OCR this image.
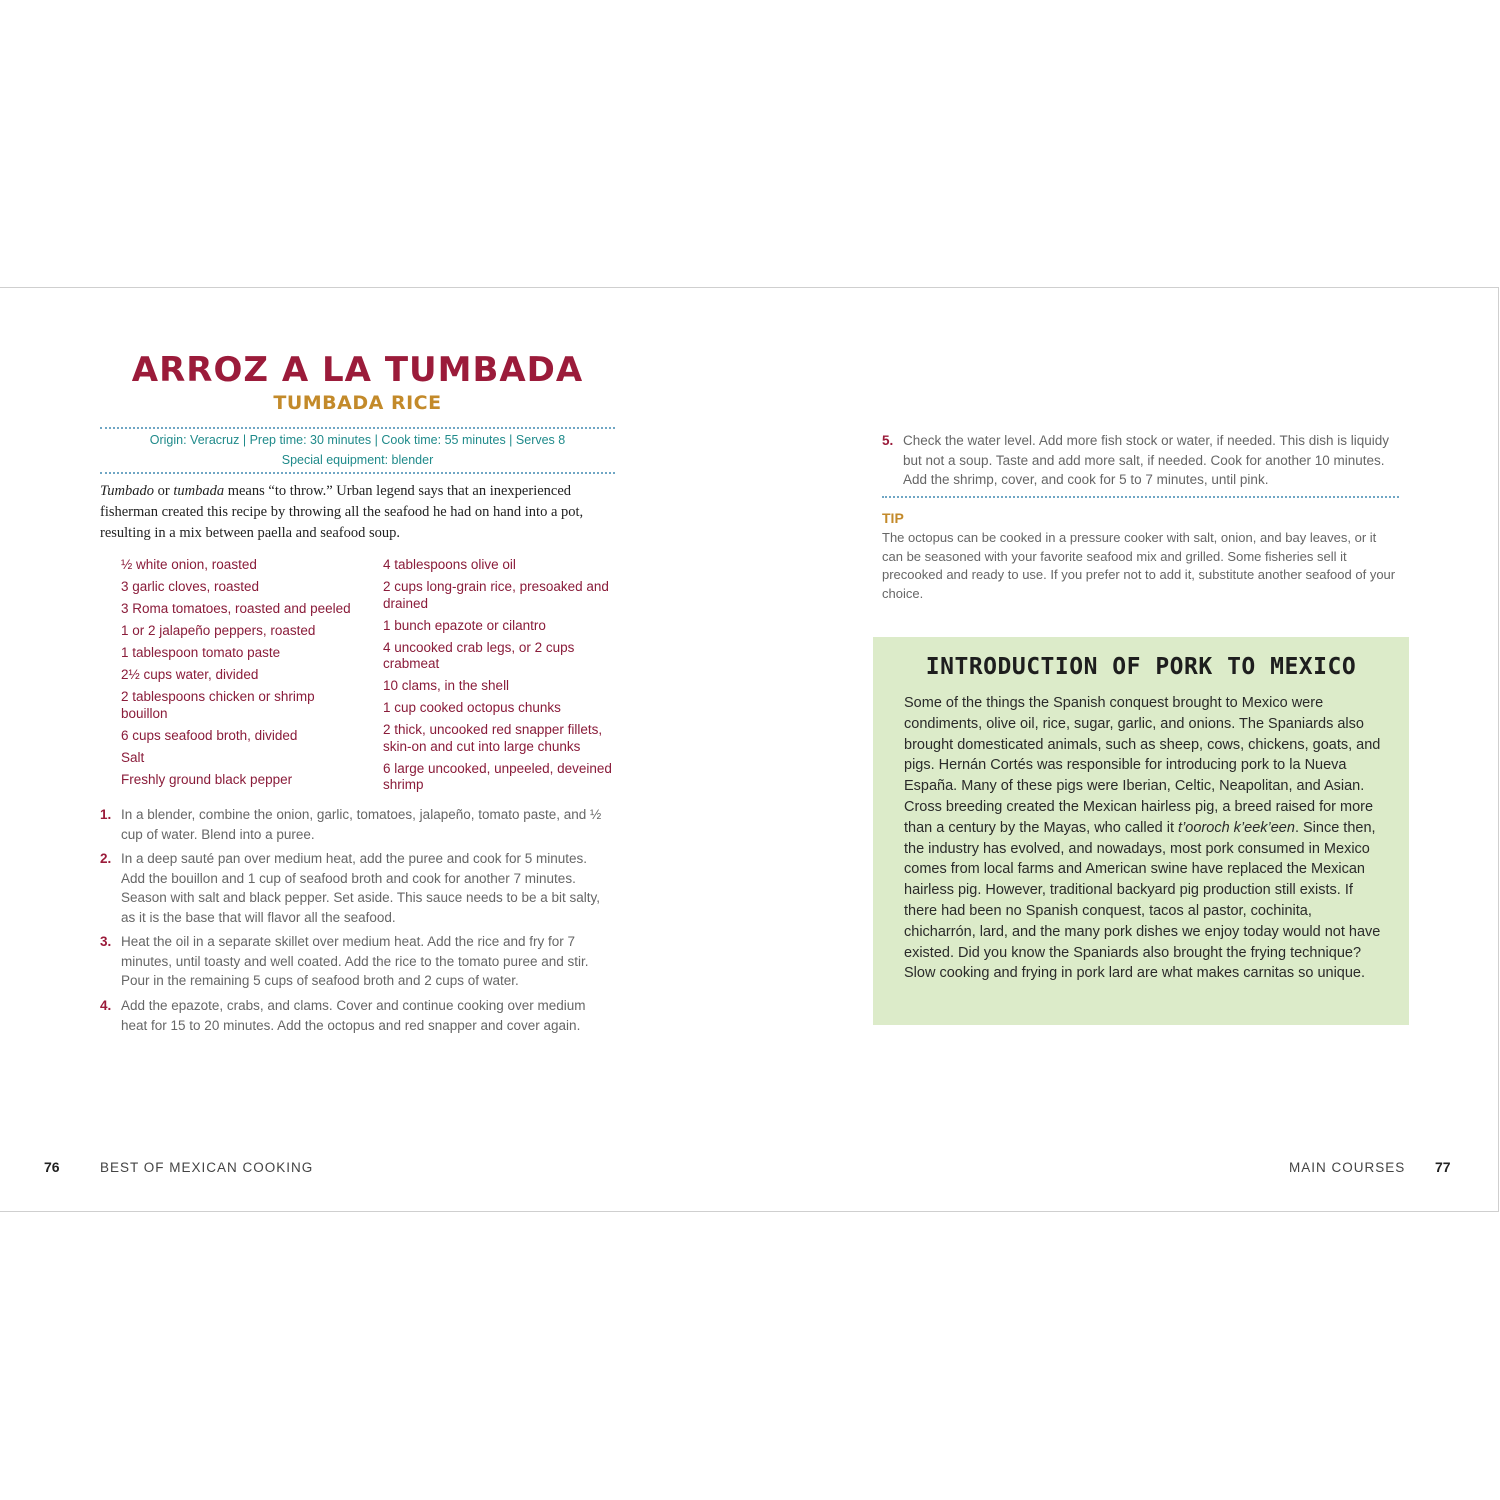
ARROZ A LA TUMBADA
TUMBADA RICE
Origin: Veracruz | Prep time: 30 minutes | Cook time: 55 minutes | Serves 8
Special equipment: blender
Tumbado or tumbada means “to throw.” Urban legend says that an inexperienced fisherman created this recipe by throwing all the seafood he had on hand into a pot, resulting in a mix between paella and seafood soup.
½ white onion, roasted
3 garlic cloves, roasted
3 Roma tomatoes, roasted and peeled
1 or 2 jalapeño peppers, roasted
1 tablespoon tomato paste
2½ cups water, divided
2 tablespoons chicken or shrimp bouillon
6 cups seafood broth, divided
Salt
Freshly ground black pepper
4 tablespoons olive oil
2 cups long-grain rice, presoaked and drained
1 bunch epazote or cilantro
4 uncooked crab legs, or 2 cups crabmeat
10 clams, in the shell
1 cup cooked octopus chunks
2 thick, uncooked red snapper fillets, skin-on and cut into large chunks
6 large uncooked, unpeeled, deveined shrimp
1. In a blender, combine the onion, garlic, tomatoes, jalapeño, tomato paste, and ½ cup of water. Blend into a puree.
2. In a deep sauté pan over medium heat, add the puree and cook for 5 minutes. Add the bouillon and 1 cup of seafood broth and cook for another 7 minutes. Season with salt and black pepper. Set aside. This sauce needs to be a bit salty, as it is the base that will flavor all the seafood.
3. Heat the oil in a separate skillet over medium heat. Add the rice and fry for 7 minutes, until toasty and well coated. Add the rice to the tomato puree and stir. Pour in the remaining 5 cups of seafood broth and 2 cups of water.
4. Add the epazote, crabs, and clams. Cover and continue cooking over medium heat for 15 to 20 minutes. Add the octopus and red snapper and cover again.
5. Check the water level. Add more fish stock or water, if needed. This dish is liquidy but not a soup. Taste and add more salt, if needed. Cook for another 10 minutes. Add the shrimp, cover, and cook for 5 to 7 minutes, until pink.
TIP
The octopus can be cooked in a pressure cooker with salt, onion, and bay leaves, or it can be seasoned with your favorite seafood mix and grilled. Some fisheries sell it precooked and ready to use. If you prefer not to add it, substitute another seafood of your choice.
INTRODUCTION OF PORK TO MEXICO
Some of the things the Spanish conquest brought to Mexico were condiments, olive oil, rice, sugar, garlic, and onions. The Spaniards also brought domesticated animals, such as sheep, cows, chickens, goats, and pigs. Hernán Cortés was responsible for introducing pork to la Nueva España. Many of these pigs were Iberian, Celtic, Neapolitan, and Asian. Cross breeding created the Mexican hairless pig, a breed raised for more than a century by the Mayas, who called it t’ooroch k’eek’een. Since then, the industry has evolved, and nowadays, most pork consumed in Mexico comes from local farms and American swine have replaced the Mexican hairless pig. However, traditional backyard pig production still exists. If there had been no Spanish conquest, tacos al pastor, cochinita, chicharrón, lard, and the many pork dishes we enjoy today would not have existed. Did you know the Spaniards also brought the frying technique? Slow cooking and frying in pork lard are what makes carnitas so unique.
76	BEST OF MEXICAN COOKING	MAIN COURSES 77
